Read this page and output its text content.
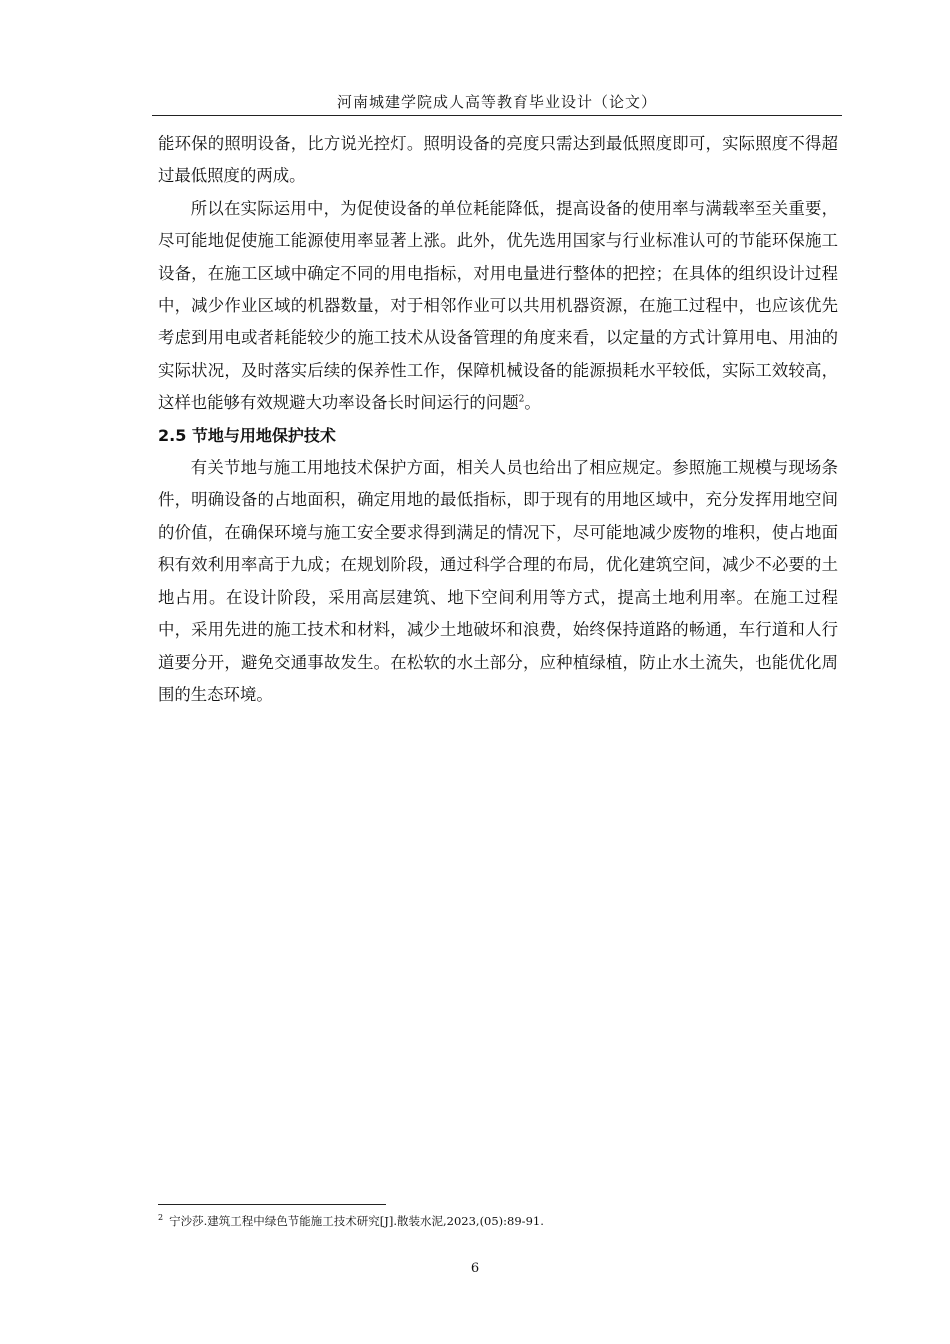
河南城建学院成人高等教育毕业设计（论文）

能环保的照明设备，比方说光控灯。照明设备的亮度只需达到最低照度即可，实际照度不得超过最低照度的两成。

所以在实际运用中，为促使设备的单位耗能降低，提高设备的使用率与满载率至关重要，尽可能地促使施工能源使用率显著上涨。此外，优先选用国家与行业标准认可的节能环保施工设备，在施工区域中确定不同的用电指标，对用电量进行整体的把控；在具体的组织设计过程中，减少作业区域的机器数量，对于相邻作业可以共用机器资源，在施工过程中，也应该优先考虑到用电或者耗能较少的施工技术从设备管理的角度来看，以定量的方式计算用电、用油的实际状况，及时落实后续的保养性工作，保障机械设备的能源损耗水平较低，实际工效较高，这样也能够有效规避大功率设备长时间运行的问题$^2$。

2.5 节地与用地保护技术

有关节地与施工用地技术保护方面，相关人员也给出了相应规定。参照施工规模与现场条件，明确设备的占地面积，确定用地的最低指标，即于现有的用地区域中，充分发挥用地空间的价值，在确保环境与施工安全要求得到满足的情况下，尽可能地减少废物的堆积，使占地面积有效利用率高于九成；在规划阶段，通过科学合理的布局，优化建筑空间，减少不必要的土地占用。在设计阶段，采用高层建筑、地下空间利用等方式，提高土地利用率。在施工过程中，采用先进的施工技术和材料，减少土地破坏和浪费，始终保持道路的畅通，车行道和人行道要分开，避免交通事故发生。在松软的水土部分，应种植绿植，防止水土流失，也能优化周围的生态环境。

$^2$ 宁沙莎.建筑工程中绿色节能施工技术研究[J].散装水泥,2023,(05):89-91.
6
